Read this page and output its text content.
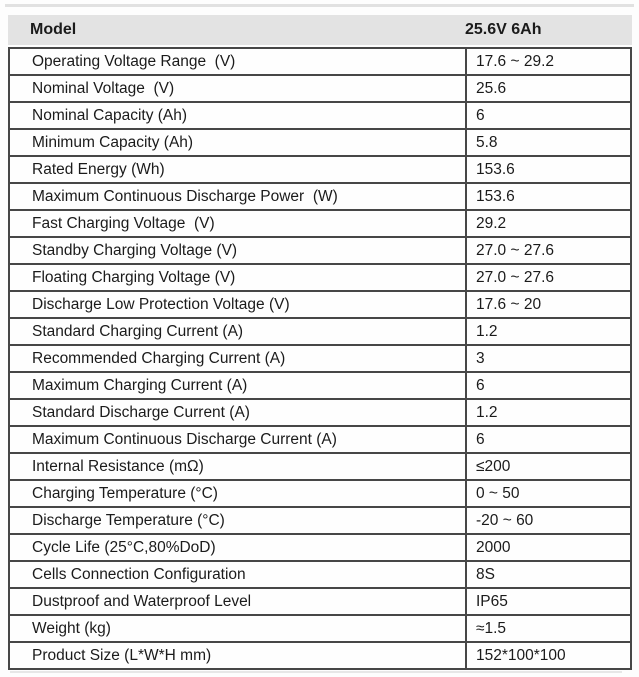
Model	25.6V 6Ah
Operating Voltage Range  (V)	17.6 ~ 29.2
Nominal Voltage  (V)	25.6
Nominal Capacity (Ah)	6
Minimum Capacity (Ah)	5.8
Rated Energy (Wh)	153.6
Maximum Continuous Discharge Power  (W)	153.6
Fast Charging Voltage  (V)	29.2
Standby Charging Voltage (V)	27.0 ~ 27.6
Floating Charging Voltage (V)	27.0 ~ 27.6
Discharge Low Protection Voltage (V)	17.6 ~ 20
Standard Charging Current (A)	1.2
Recommended Charging Current (A)	3
Maximum Charging Current (A)	6
Standard Discharge Current (A)	1.2
Maximum Continuous Discharge Current (A)	6
Internal Resistance (mΩ)	≤200
Charging Temperature (°C)	0 ~ 50
Discharge Temperature (°C)	-20 ~ 60
Cycle Life (25°C,80%DoD)	2000
Cells Connection Configuration	8S
Dustproof and Waterproof Level	IP65
Weight (kg)	≈1.5
Product Size (L*W*H mm)	152*100*100
